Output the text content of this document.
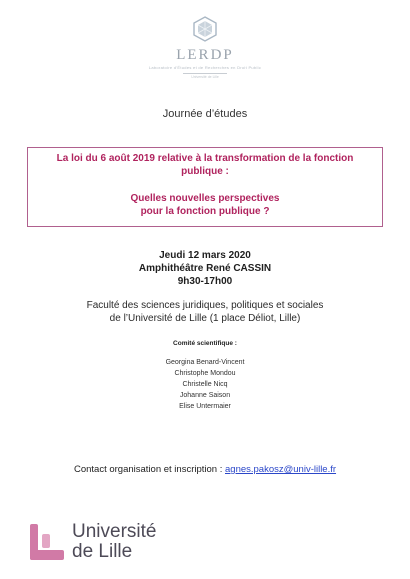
LERDP
Laboratoire d'Études et de Recherches en Droit Public
Université de Lille
Journée d’études
La loi du 6 août 2019 relative à la transformation de la fonction
publique :
Quelles nouvelles perspectives
pour la fonction publique ?
Jeudi 12 mars 2020
Amphithéâtre René CASSIN
9h30-17h00
Faculté des sciences juridiques, politiques et sociales
de l’Université de Lille (1 place Déliot, Lille)
Comité scientifique :
Georgina Benard-Vincent
Christophe Mondou
Christelle Nicq
Johanne Saison
Elise Untermaier
Contact organisation et inscription : agnes.pakosz@univ-lille.fr
Université
de Lille
